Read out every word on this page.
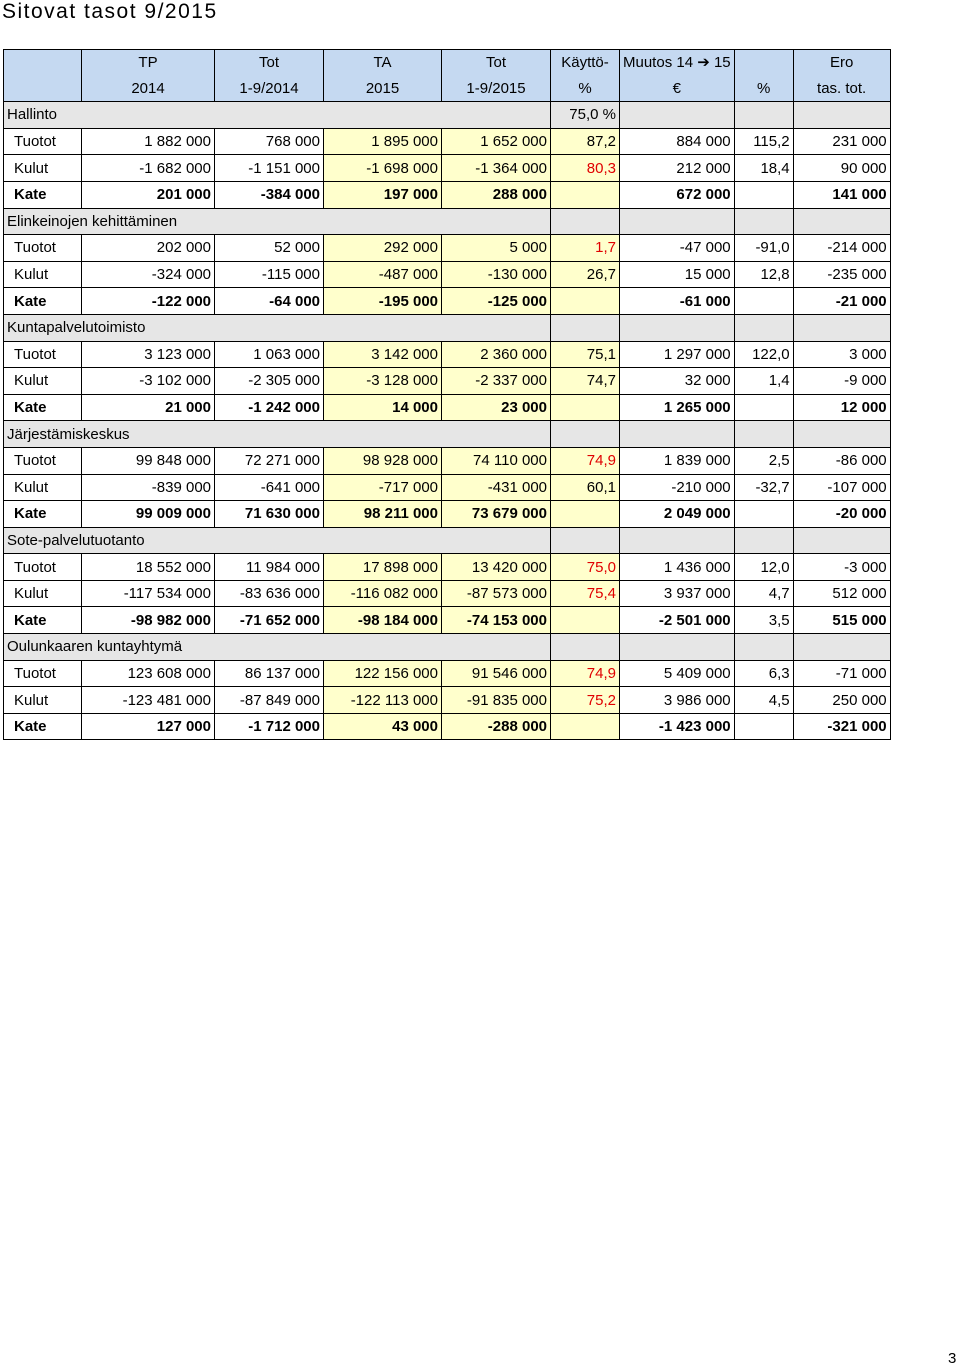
Sitovat tasot 9/2015
	TP	Tot	TA	Tot	Käyttö-	Muutos 14 ➔ 15		Ero
	2014	1-9/2014	2015	1-9/2015	%	€	%	tas. tot.
Hallinto					75,0 %			
Tuotot	1 882 000	768 000	1 895 000	1 652 000	87,2	884 000	115,2	231 000
Kulut	-1 682 000	-1 151 000	-1 698 000	-1 364 000	80,3	212 000	18,4	90 000
Kate	201 000	-384 000	197 000	288 000		672 000		141 000
Elinkeinojen kehittäminen								
Tuotot	202 000	52 000	292 000	5 000	1,7	-47 000	-91,0	-214 000
Kulut	-324 000	-115 000	-487 000	-130 000	26,7	15 000	12,8	-235 000
Kate	-122 000	-64 000	-195 000	-125 000		-61 000		-21 000
Kuntapalvelutoimisto								
Tuotot	3 123 000	1 063 000	3 142 000	2 360 000	75,1	1 297 000	122,0	3 000
Kulut	-3 102 000	-2 305 000	-3 128 000	-2 337 000	74,7	32 000	1,4	-9 000
Kate	21 000	-1 242 000	14 000	23 000		1 265 000		12 000
Järjestämiskeskus								
Tuotot	99 848 000	72 271 000	98 928 000	74 110 000	74,9	1 839 000	2,5	-86 000
Kulut	-839 000	-641 000	-717 000	-431 000	60,1	-210 000	-32,7	-107 000
Kate	99 009 000	71 630 000	98 211 000	73 679 000		2 049 000		-20 000
Sote-palvelutuotanto								
Tuotot	18 552 000	11 984 000	17 898 000	13 420 000	75,0	1 436 000	12,0	-3 000
Kulut	-117 534 000	-83 636 000	-116 082 000	-87 573 000	75,4	3 937 000	4,7	512 000
Kate	-98 982 000	-71 652 000	-98 184 000	-74 153 000		-2 501 000	3,5	515 000
Oulunkaaren kuntayhtymä								
Tuotot	123 608 000	86 137 000	122 156 000	91 546 000	74,9	5 409 000	6,3	-71 000
Kulut	-123 481 000	-87 849 000	-122 113 000	-91 835 000	75,2	3 986 000	4,5	250 000
Kate	127 000	-1 712 000	43 000	-288 000		-1 423 000		-321 000
3
